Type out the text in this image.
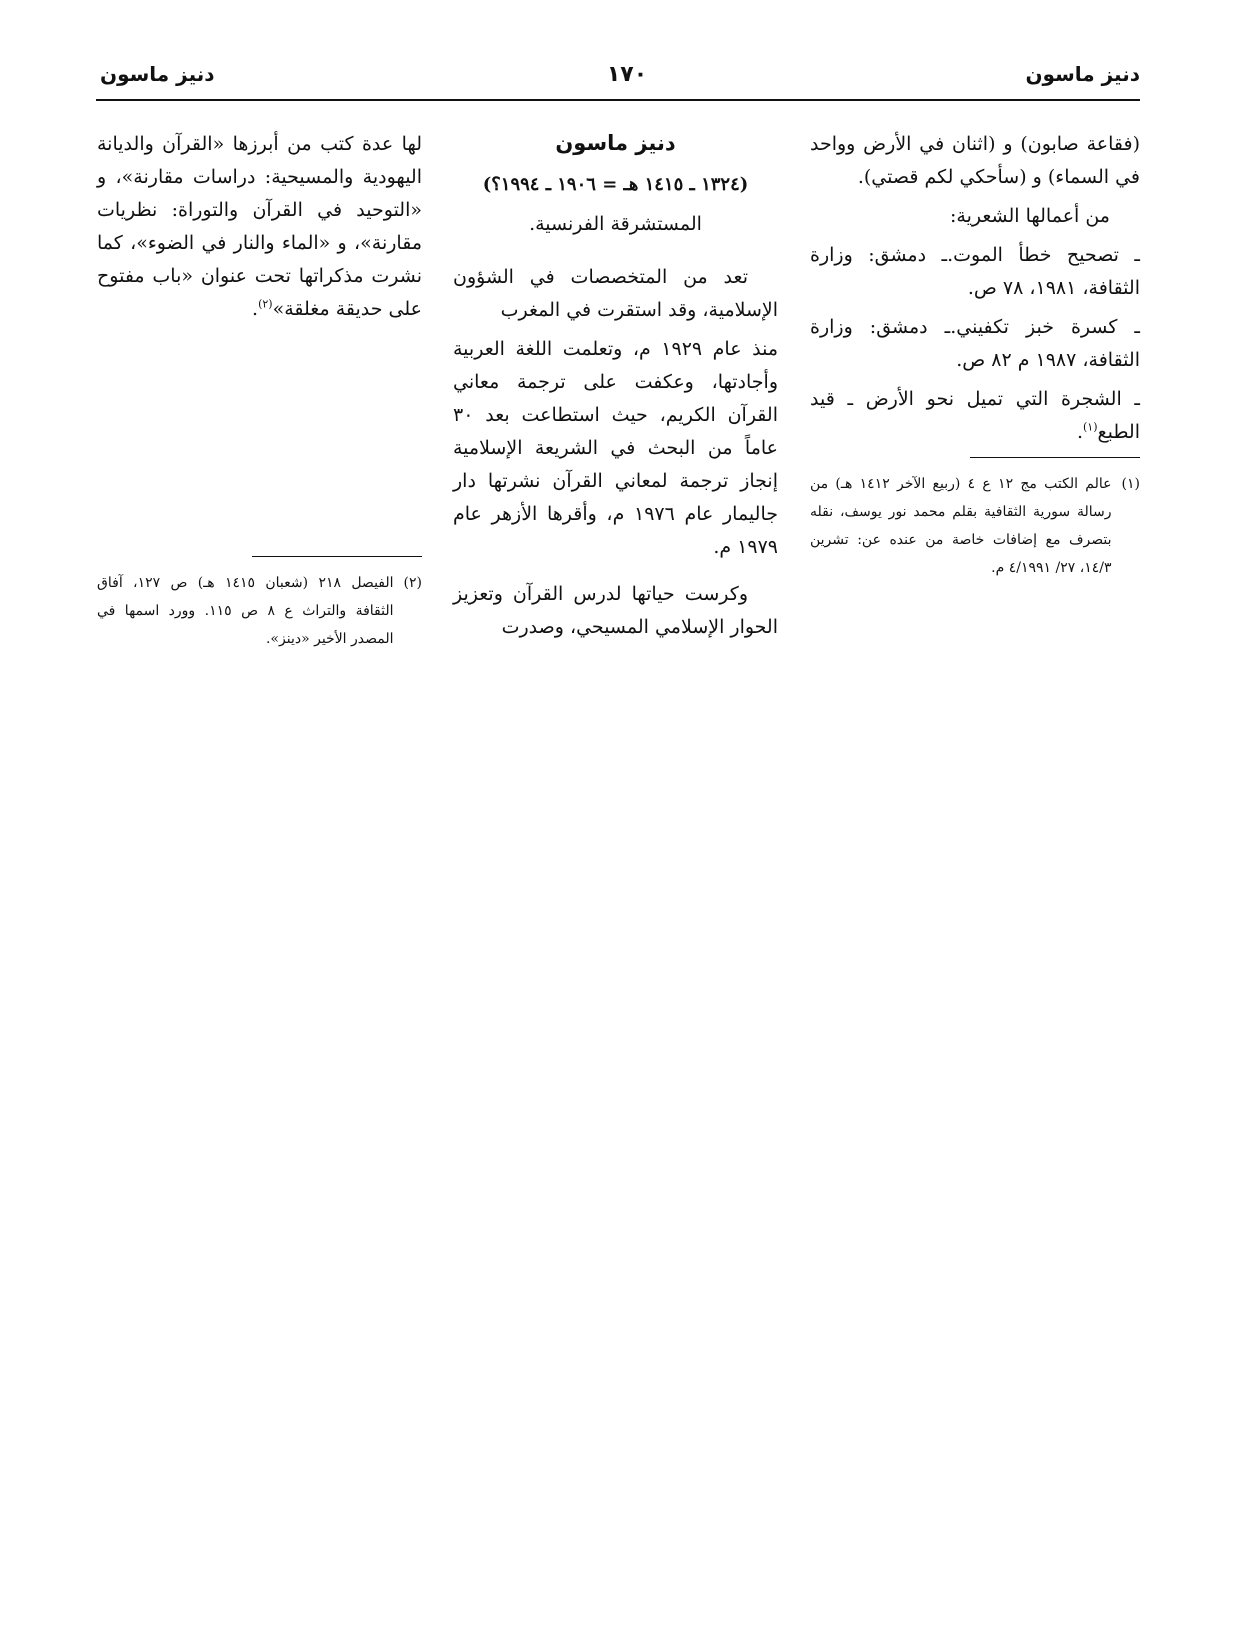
دنيز ماسون
١٧٠
دنيز ماسون

(فقاعة صابون) و (اثنان في الأرض وواحد في السماء) و (سأحكي لكم قصتي).

من أعمالها الشعرية:

ـ تصحيح خطأ الموت.ـ دمشق: وزارة الثقافة، ١٩٨١، ٧٨ ص.

ـ كسرة خبز تكفيني.ـ دمشق: وزارة الثقافة، ١٩٨٧ م ٨٢ ص.

ـ الشجرة التي تميل نحو الأرض ـ قيد الطبع$^{(١)}$.

(١)
عالم الكتب مج ١٢ ع ٤ (ربيع الآخر ١٤١٢ هـ) من رسالة سورية الثقافية بقلم محمد نور يوسف، نقله بتصرف مع إضافات خاصة من عنده عن: تشرين ١٤/٣، ٢٧/ ٤/١٩٩١ م.
دنيز ماسون
(١٣٢٤ ـ ١٤١٥ هـ = ١٩٠٦ ـ ١٩٩٤؟)
المستشرقة الفرنسية.

تعد من المتخصصات في الشؤون الإسلامية، وقد استقرت في المغرب

منذ عام ١٩٢٩ م، وتعلمت اللغة العربية وأجادتها، وعكفت على ترجمة معاني القرآن الكريم، حيث استطاعت بعد ٣٠ عاماً من البحث في الشريعة الإسلامية إنجاز ترجمة لمعاني القرآن نشرتها دار جاليمار عام ١٩٧٦ م، وأقرها الأزهر عام ١٩٧٩ م.

وكرست حياتها لدرس القرآن وتعزيز الحوار الإسلامي المسيحي، وصدرت

لها عدة كتب من أبرزها «القرآن والديانة اليهودية والمسيحية: دراسات مقارنة»، و «التوحيد في القرآن والتوراة: نظريات مقارنة»، و «الماء والنار في الضوء»، كما نشرت مذكراتها تحت عنوان «باب مفتوح على حديقة مغلقة»$^{(٢)}$.

(٢)
الفيصل ٢١٨ (شعبان ١٤١٥ هـ) ص ١٢٧، آفاق الثقافة والتراث ع ٨ ص ١١٥. وورد اسمها في المصدر الأخير «دينز».
